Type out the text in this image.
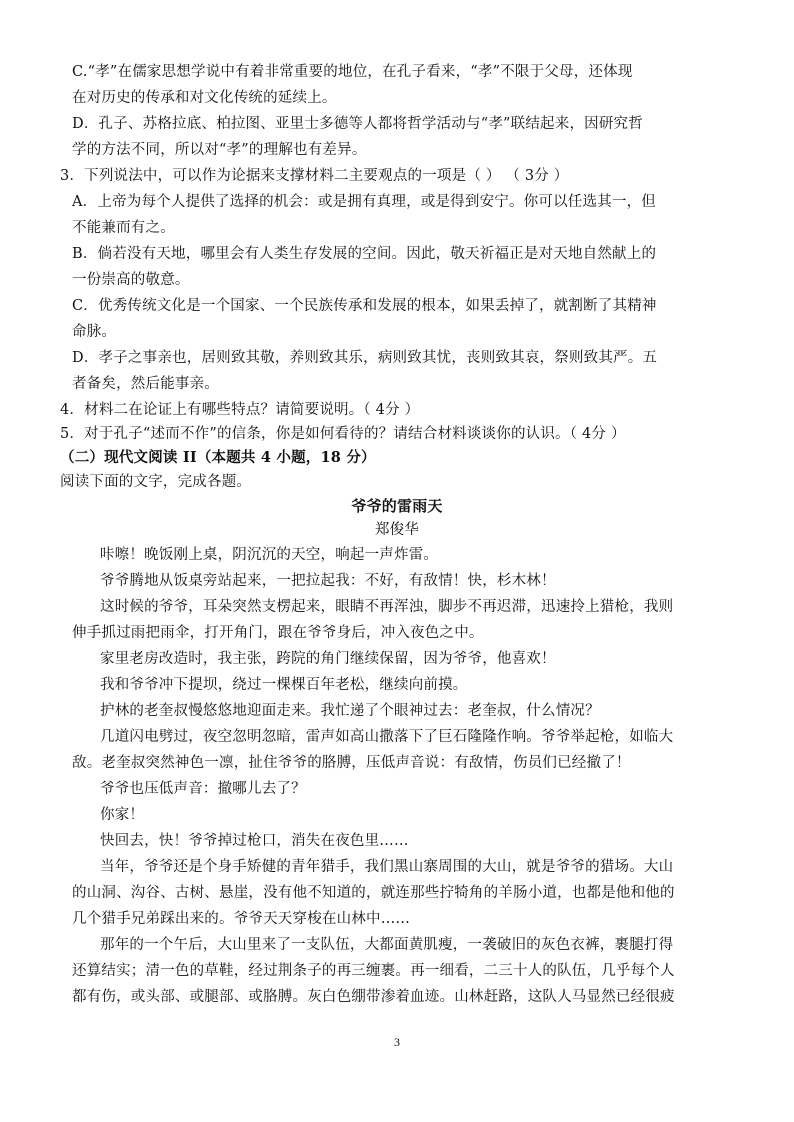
C.“孝”在儒家思想学说中有着非常重要的地位，在孔子看来，“孝”不限于父母，还体现
在对历史的传承和对文化传统的延续上。
D．孔子、苏格拉底、柏拉图、亚里士多德等人都将哲学活动与“孝”联结起来，因研究哲
学的方法不同，所以对“孝”的理解也有差异。
3．下列说法中，可以作为论据来支撑材料二主要观点的一项是（ ） （ 3分 ）
A．上帝为每个人提供了选择的机会：或是拥有真理，或是得到安宁。你可以任选其一，但
不能兼而有之。
B．倘若没有天地，哪里会有人类生存发展的空间。因此，敬天祈福正是对天地自然献上的
一份崇高的敬意。
C．优秀传统文化是一个国家、一个民族传承和发展的根本，如果丢掉了，就割断了其精神
命脉。
D．孝子之事亲也，居则致其敬，养则致其乐，病则致其忧，丧则致其哀，祭则致其严。五
者备矣，然后能事亲。
4．材料二在论证上有哪些特点？请简要说明。（ 4分 ）
5．对于孔子“述而不作”的信条，你是如何看待的？请结合材料谈谈你的认识。（ 4分 ）
（二）现代文阅读 II（本题共 4 小题，18 分）
阅读下面的文字，完成各题。
爷爷的雷雨天
郑俊华
咔嚓！晚饭刚上桌，阴沉沉的天空，响起一声炸雷。
爷爷腾地从饭桌旁站起来，一把拉起我：不好，有敌情！快，杉木林！
这时候的爷爷，耳朵突然支楞起来，眼睛不再浑浊，脚步不再迟滞，迅速拎上猎枪，我则
伸手抓过雨把雨伞，打开角门，跟在爷爷身后，冲入夜色之中。
家里老房改造时，我主张，跨院的角门继续保留，因为爷爷，他喜欢！
我和爷爷冲下提坝，绕过一棵棵百年老松，继续向前摸。
护林的老奎叔慢悠悠地迎面走来。我忙递了个眼神过去：老奎叔，什么情况？
几道闪电劈过，夜空忽明忽暗，雷声如高山撒落下了巨石隆隆作响。爷爷举起枪，如临大
敌。老奎叔突然神色一凛，扯住爷爷的胳膊，压低声音说：有敌情，伤员们已经撤了！
爷爷也压低声音：撤哪儿去了？
你家！
快回去，快！爷爷掉过枪口，消失在夜色里……
当年，爷爷还是个身手矫健的青年猎手，我们黑山寨周围的大山，就是爷爷的猎场。大山
的山洞、沟谷、古树、悬崖，没有他不知道的，就连那些拧犄角的羊肠小道，也都是他和他的
几个猎手兄弟踩出来的。爷爷天天穿梭在山林中……
那年的一个午后，大山里来了一支队伍，大都面黄肌瘦，一袭破旧的灰色衣裤，裹腿打得
还算结实；清一色的草鞋，经过荆条子的再三缠裹。再一细看，二三十人的队伍，几乎每个人
都有伤，或头部、或腿部、或胳膊。灰白色绷带渗着血迹。山林赶路，这队人马显然已经很疲
3
